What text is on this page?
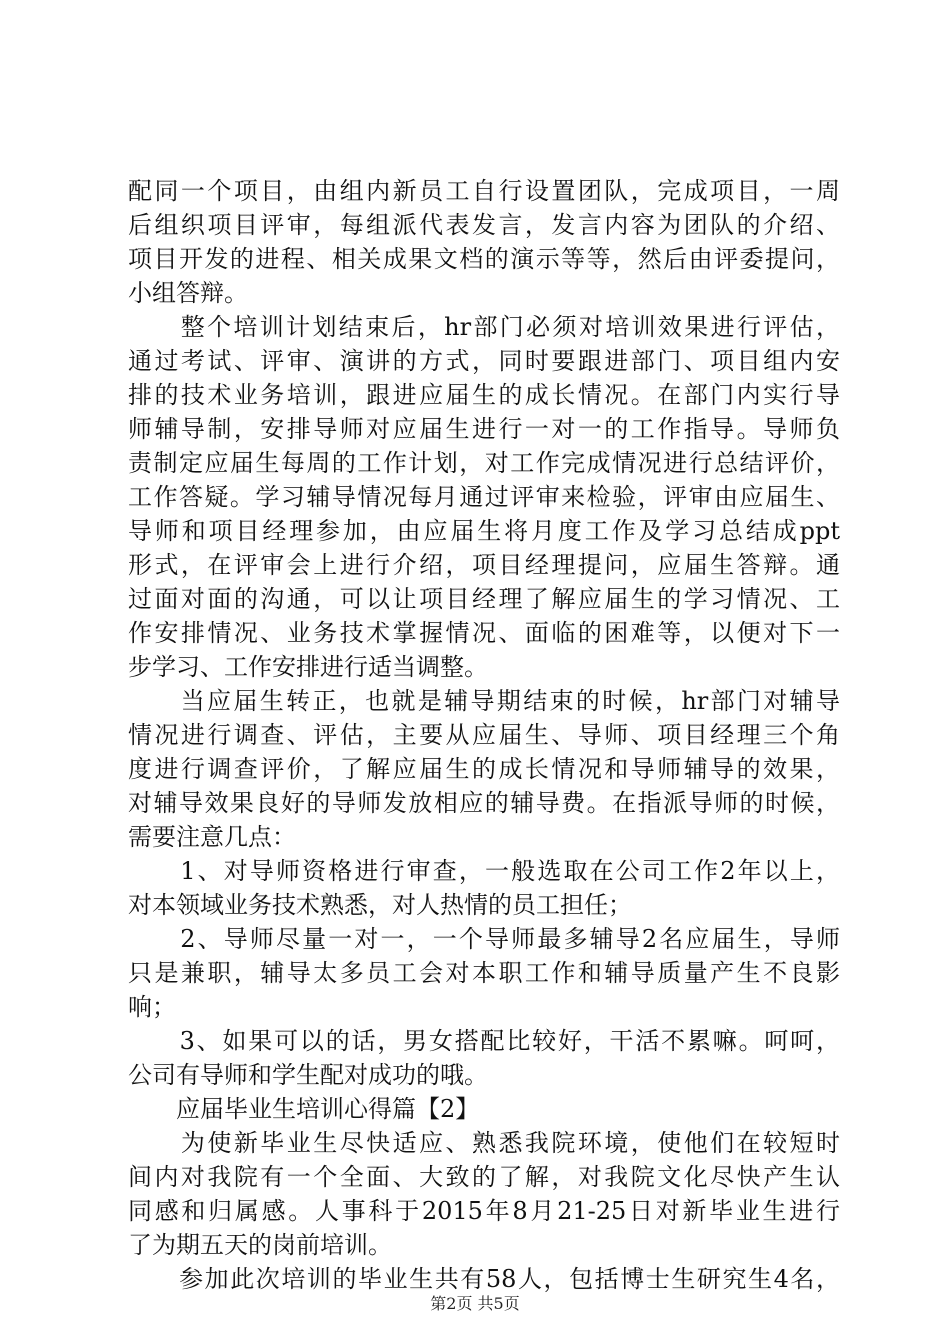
配同一个项目，由组内新员工自行设置团队，完成项目，一周
后组织项目评审，每组派代表发言，发言内容为团队的介绍、
项目开发的进程、相关成果文档的演示等等，然后由评委提问，
小组答辩。
　　整个培训计划结束后，hr部门必须对培训效果进行评估，
通过考试、评审、演讲的方式，同时要跟进部门、项目组内安
排的技术业务培训，跟进应届生的成长情况。在部门内实行导
师辅导制，安排导师对应届生进行一对一的工作指导。导师负
责制定应届生每周的工作计划，对工作完成情况进行总结评价，
工作答疑。学习辅导情况每月通过评审来检验，评审由应届生、
导师和项目经理参加，由应届生将月度工作及学习总结成ppt
形式，在评审会上进行介绍，项目经理提问，应届生答辩。通
过面对面的沟通，可以让项目经理了解应届生的学习情况、工
作安排情况、业务技术掌握情况、面临的困难等，以便对下一
步学习、工作安排进行适当调整。
　　当应届生转正，也就是辅导期结束的时候，hr部门对辅导
情况进行调查、评估，主要从应届生、导师、项目经理三个角
度进行调查评价，了解应届生的成长情况和导师辅导的效果，
对辅导效果良好的导师发放相应的辅导费。在指派导师的时候，
需要注意几点：
　　1、对导师资格进行审查，一般选取在公司工作2年以上，
对本领域业务技术熟悉，对人热情的员工担任；
　　2、导师尽量一对一，一个导师最多辅导2名应届生，导师
只是兼职，辅导太多员工会对本职工作和辅导质量产生不良影
响；
　　3、如果可以的话，男女搭配比较好，干活不累嘛。呵呵，
公司有导师和学生配对成功的哦。
　　应届毕业生培训心得篇【2】
　　为使新毕业生尽快适应、熟悉我院环境，使他们在较短时
间内对我院有一个全面、大致的了解，对我院文化尽快产生认
同感和归属感。人事科于2015年8月21-25日对新毕业生进行
了为期五天的岗前培训。
　　参加此次培训的毕业生共有58人，包括博士生研究生4名，
第2页 共5页
